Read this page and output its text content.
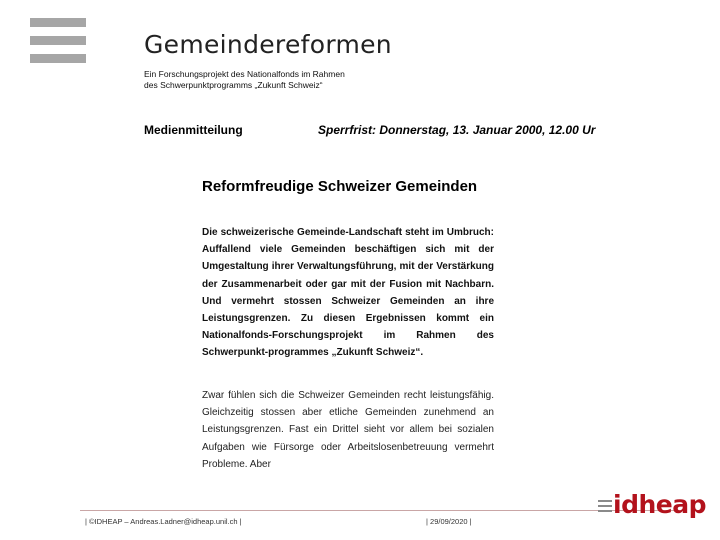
Gemeindereformen
Ein Forschungsprojekt des Nationalfonds im Rahmen
des Schwerpunktprogramms „Zukunft Schweiz“
Medienmitteilung	Sperrfrist: Donnerstag, 13. Januar 2000, 12.00 Ur
Reformfreudige Schweizer Gemeinden
Die schweizerische Gemeinde-Landschaft steht im Umbruch: Auffallend viele Gemeinden beschäftigen sich mit der Umgestaltung ihrer Verwaltungsführung, mit der Verstärkung der Zusammenarbeit oder gar mit der Fusion mit Nachbarn. Und vermehrt stossen Schweizer Gemeinden an ihre Leistungsgrenzen. Zu diesen Ergebnissen kommt ein Nationalfonds-Forschungsprojekt im Rahmen des Schwerpunkt-programmes „Zukunft Schweiz“.
Zwar fühlen sich die Schweizer Gemeinden recht leistungsfähig. Gleichzeitig stossen aber etliche Gemeinden zunehmend an Leistungsgrenzen. Fast ein Drittel sieht vor allem bei sozialen Aufgaben wie Fürsorge oder Arbeitslosenbetreuung vermehrt Probleme. Aber
| ©IDHEAP – Andreas.Ladner@idheap.unil.ch |	| 29/09/2020 |
idheap
